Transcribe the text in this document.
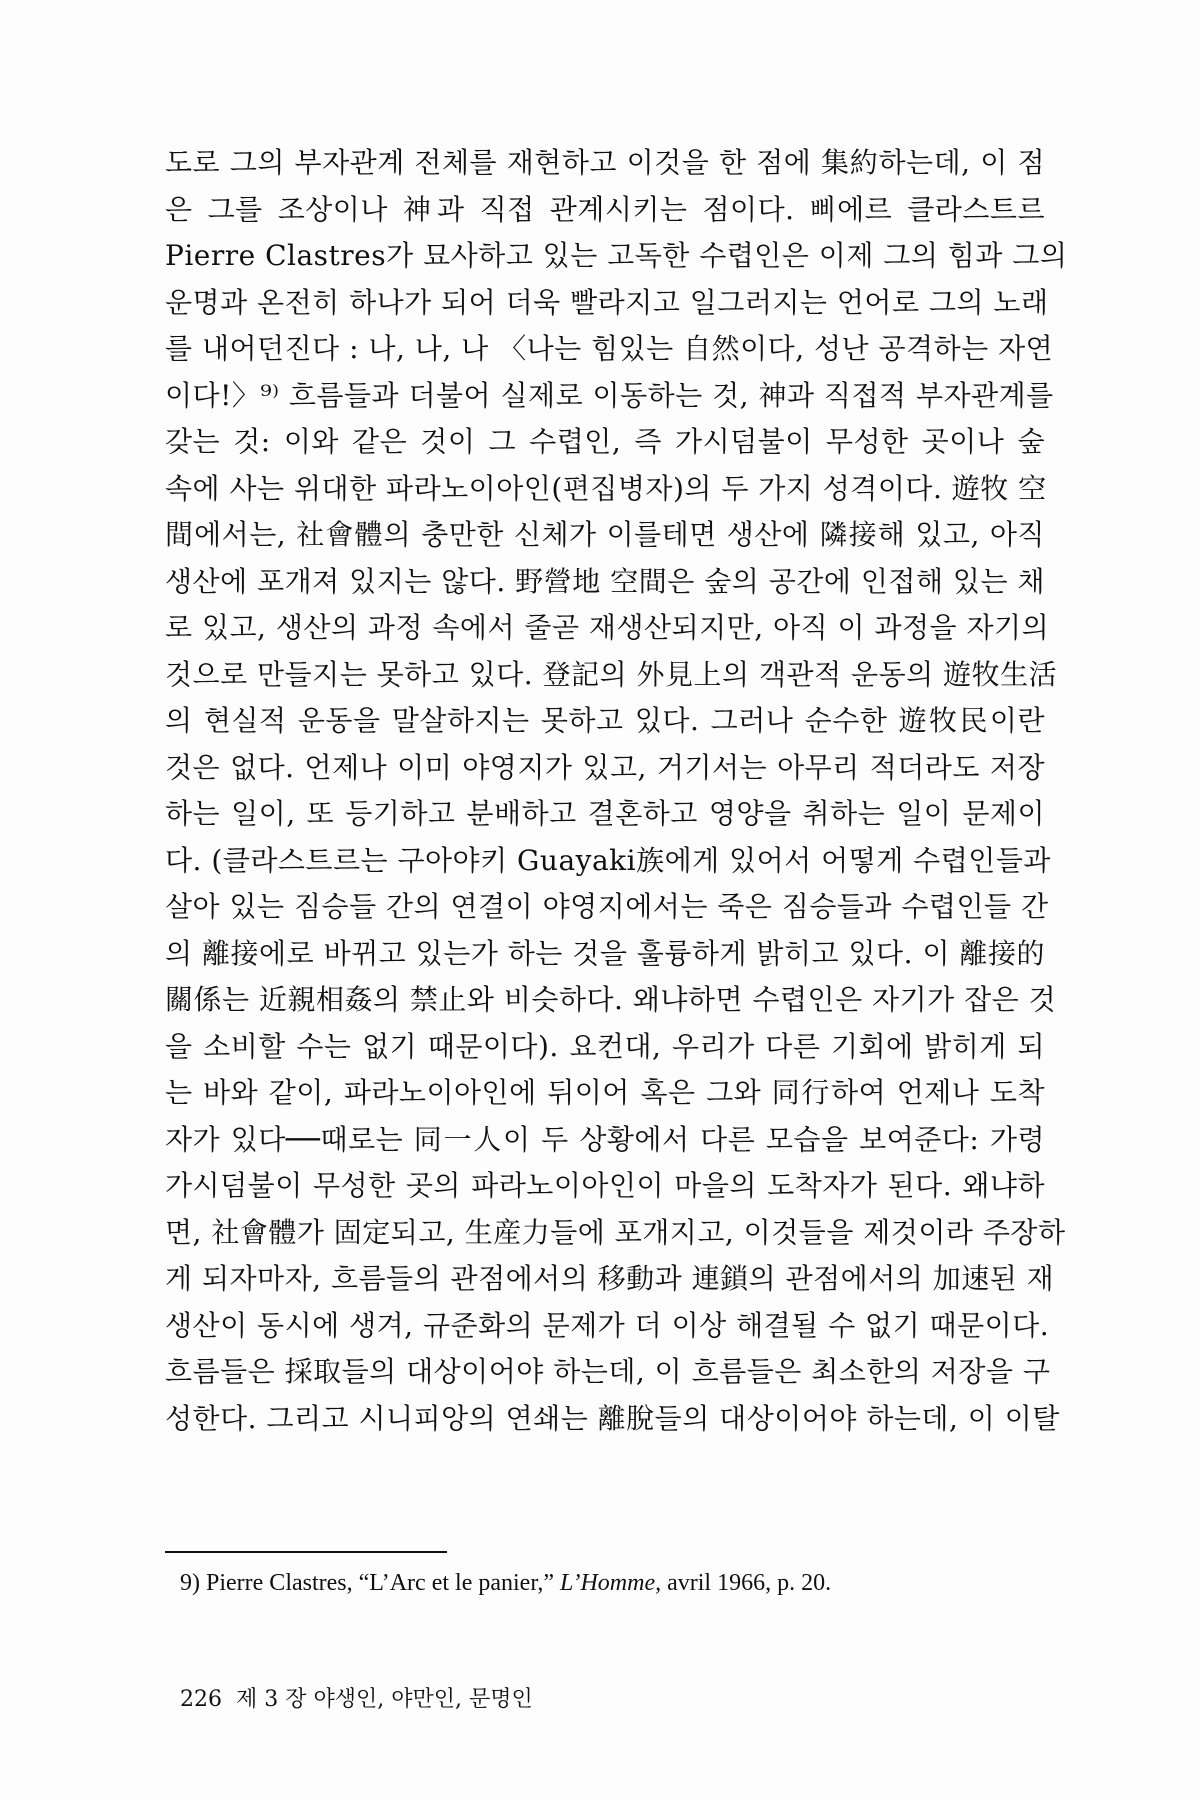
도로 그의 부자관계 전체를 재현하고 이것을 한 점에 集約하는데, 이 점
은 그를 조상이나 神과 직접 관계시키는 점이다. 삐에르 클라스트르
Pierre Clastres가 묘사하고 있는 고독한 수렵인은 이제 그의 힘과 그의
운명과 온전히 하나가 되어 더욱 빨라지고 일그러지는 언어로 그의 노래
를 내어던진다 : 나, 나, 나 〈나는 힘있는 自然이다, 성난 공격하는 자연
이다!〉⁹⁾ 흐름들과 더불어 실제로 이동하는 것, 神과 직접적 부자관계를
갖는 것: 이와 같은 것이 그 수렵인, 즉 가시덤불이 무성한 곳이나 숲
속에 사는 위대한 파라노이아인(편집병자)의 두 가지 성격이다. 遊牧 空
間에서는, 社會體의 충만한 신체가 이를테면 생산에 隣接해 있고, 아직
생산에 포개져 있지는 않다. 野營地 空間은 숲의 공간에 인접해 있는 채
로 있고, 생산의 과정 속에서 줄곧 재생산되지만, 아직 이 과정을 자기의
것으로 만들지는 못하고 있다. 登記의 外見上의 객관적 운동의 遊牧生活
의 현실적 운동을 말살하지는 못하고 있다. 그러나 순수한 遊牧民이란
것은 없다. 언제나 이미 야영지가 있고, 거기서는 아무리 적더라도 저장
하는 일이, 또 등기하고 분배하고 결혼하고 영양을 취하는 일이 문제이
다. (클라스트르는 구아야키 Guayaki族에게 있어서 어떻게 수렵인들과
살아 있는 짐승들 간의 연결이 야영지에서는 죽은 짐승들과 수렵인들 간
의 離接에로 바뀌고 있는가 하는 것을 훌륭하게 밝히고 있다. 이 離接的
關係는 近親相姦의 禁止와 비슷하다. 왜냐하면 수렵인은 자기가 잡은 것
을 소비할 수는 없기 때문이다). 요컨대, 우리가 다른 기회에 밝히게 되
는 바와 같이, 파라노이아인에 뒤이어 혹은 그와 同行하여 언제나 도착
자가 있다──때로는 同一人이 두 상황에서 다른 모습을 보여준다: 가령
가시덤불이 무성한 곳의 파라노이아인이 마을의 도착자가 된다. 왜냐하
면, 社會體가 固定되고, 生産力들에 포개지고, 이것들을 제것이라 주장하
게 되자마자, 흐름들의 관점에서의 移動과 連鎖의 관점에서의 加速된 재
생산이 동시에 생겨, 규준화의 문제가 더 이상 해결될 수 없기 때문이다.
흐름들은 採取들의 대상이어야 하는데, 이 흐름들은 최소한의 저장을 구
성한다. 그리고 시니피앙의 연쇄는 離脫들의 대상이어야 하는데, 이 이탈
9) Pierre Clastres, “L’Arc et le panier,” L’Homme, avril 1966, p. 20.
226 제 3 장 야생인, 야만인, 문명인
